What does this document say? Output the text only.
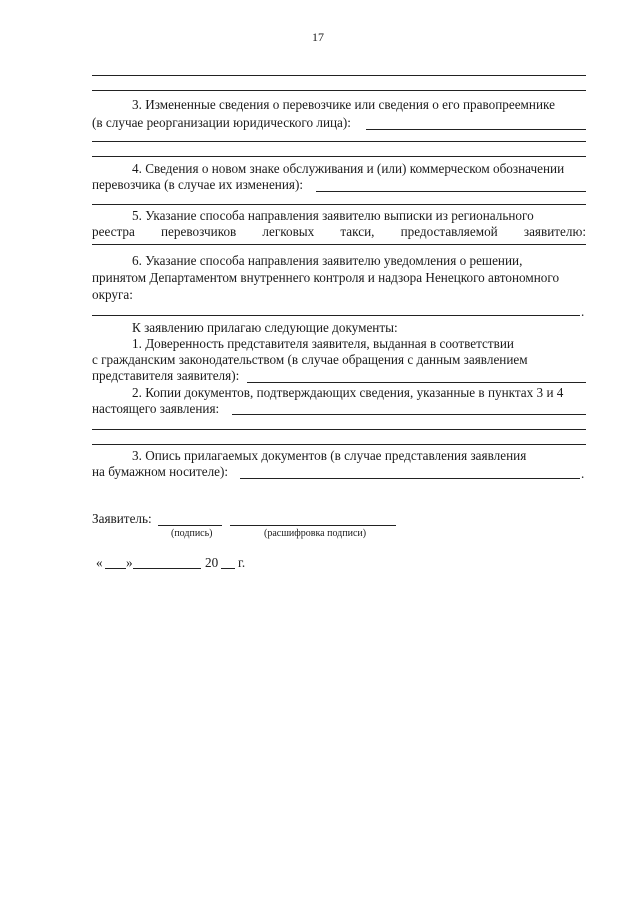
17
3. Измененные сведения о перевозчике или сведения о его правопреемнике
(в случае реорганизации юридического лица):
4. Сведения о новом знаке обслуживания и (или) коммерческом обозначении
перевозчика (в случае их изменения):
5. Указание способа направления заявителю выписки из регионального
реестра перевозчиков легковых такси, предоставляемой заявителю:
6. Указание способа направления заявителю уведомления о решении,
принятом Департаментом внутреннего контроля и надзора Ненецкого автономного
округа:
.
К заявлению прилагаю следующие документы:
1. Доверенность представителя заявителя, выданная в соответствии
с гражданским законодательством (в случае обращения с данным заявлением
представителя заявителя):
2. Копии документов, подтверждающих сведения, указанные в пунктах 3 и 4
настоящего заявления:
3. Опись прилагаемых документов (в случае представления заявления
на бумажном носителе):	.
Заявитель:
(подпись)	(расшифровка подписи)
« »	20 г.
